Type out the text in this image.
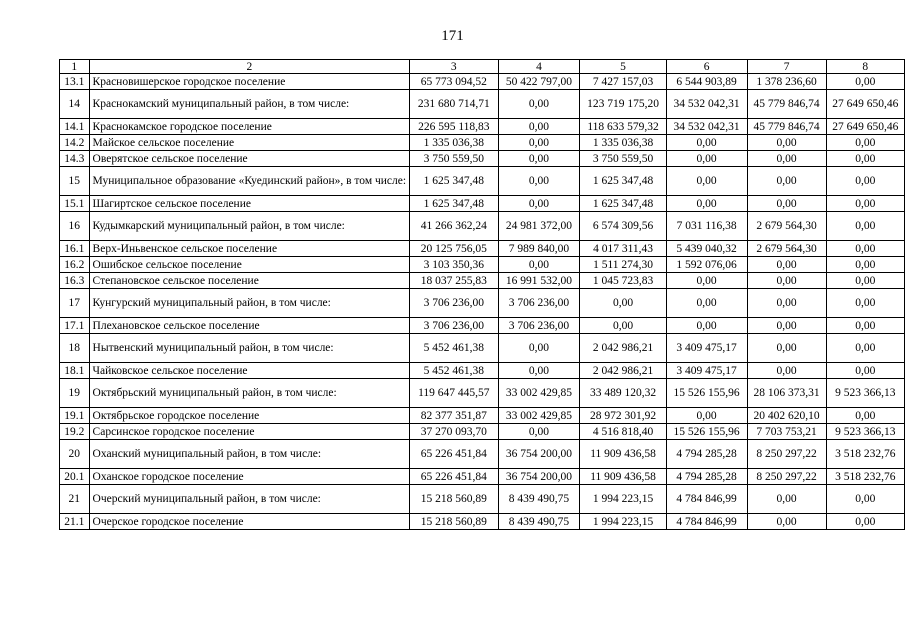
171
1	2	3	4	5	6	7	8
13.1	Красновишерское городское поселение	65 773 094,52	50 422 797,00	7 427 157,03	6 544 903,89	1 378 236,60	0,00
14	Краснокамский муниципальный район, в том числе:	231 680 714,71	0,00	123 719 175,20	34 532 042,31	45 779 846,74	27 649 650,46
14.1	Краснокамское городское поселение	226 595 118,83	0,00	118 633 579,32	34 532 042,31	45 779 846,74	27 649 650,46
14.2	Майское сельское поселение	1 335 036,38	0,00	1 335 036,38	0,00	0,00	0,00
14.3	Оверятское сельское поселение	3 750 559,50	0,00	3 750 559,50	0,00	0,00	0,00
15	Муниципальное образование «Куединский район», в том числе:	1 625 347,48	0,00	1 625 347,48	0,00	0,00	0,00
15.1	Шагиртское сельское поселение	1 625 347,48	0,00	1 625 347,48	0,00	0,00	0,00
16	Кудымкарский муниципальный район, в том числе:	41 266 362,24	24 981 372,00	6 574 309,56	7 031 116,38	2 679 564,30	0,00
16.1	Верх-Иньвенское сельское поселение	20 125 756,05	7 989 840,00	4 017 311,43	5 439 040,32	2 679 564,30	0,00
16.2	Ошибское сельское поселение	3 103 350,36	0,00	1 511 274,30	1 592 076,06	0,00	0,00
16.3	Степановское сельское поселение	18 037 255,83	16 991 532,00	1 045 723,83	0,00	0,00	0,00
17	Кунгурский муниципальный район, в том числе:	3 706 236,00	3 706 236,00	0,00	0,00	0,00	0,00
17.1	Плехановское сельское поселение	3 706 236,00	3 706 236,00	0,00	0,00	0,00	0,00
18	Нытвенский муниципальный район, в том числе:	5 452 461,38	0,00	2 042 986,21	3 409 475,17	0,00	0,00
18.1	Чайковское сельское поселение	5 452 461,38	0,00	2 042 986,21	3 409 475,17	0,00	0,00
19	Октябрьский муниципальный район, в том числе:	119 647 445,57	33 002 429,85	33 489 120,32	15 526 155,96	28 106 373,31	9 523 366,13
19.1	Октябрьское городское поселение	82 377 351,87	33 002 429,85	28 972 301,92	0,00	20 402 620,10	0,00
19.2	Сарсинское городское поселение	37 270 093,70	0,00	4 516 818,40	15 526 155,96	7 703 753,21	9 523 366,13
20	Оханский муниципальный район, в том числе:	65 226 451,84	36 754 200,00	11 909 436,58	4 794 285,28	8 250 297,22	3 518 232,76
20.1	Оханское городское поселение	65 226 451,84	36 754 200,00	11 909 436,58	4 794 285,28	8 250 297,22	3 518 232,76
21	Очерский муниципальный район, в том числе:	15 218 560,89	8 439 490,75	1 994 223,15	4 784 846,99	0,00	0,00
21.1	Очерское городское поселение	15 218 560,89	8 439 490,75	1 994 223,15	4 784 846,99	0,00	0,00
